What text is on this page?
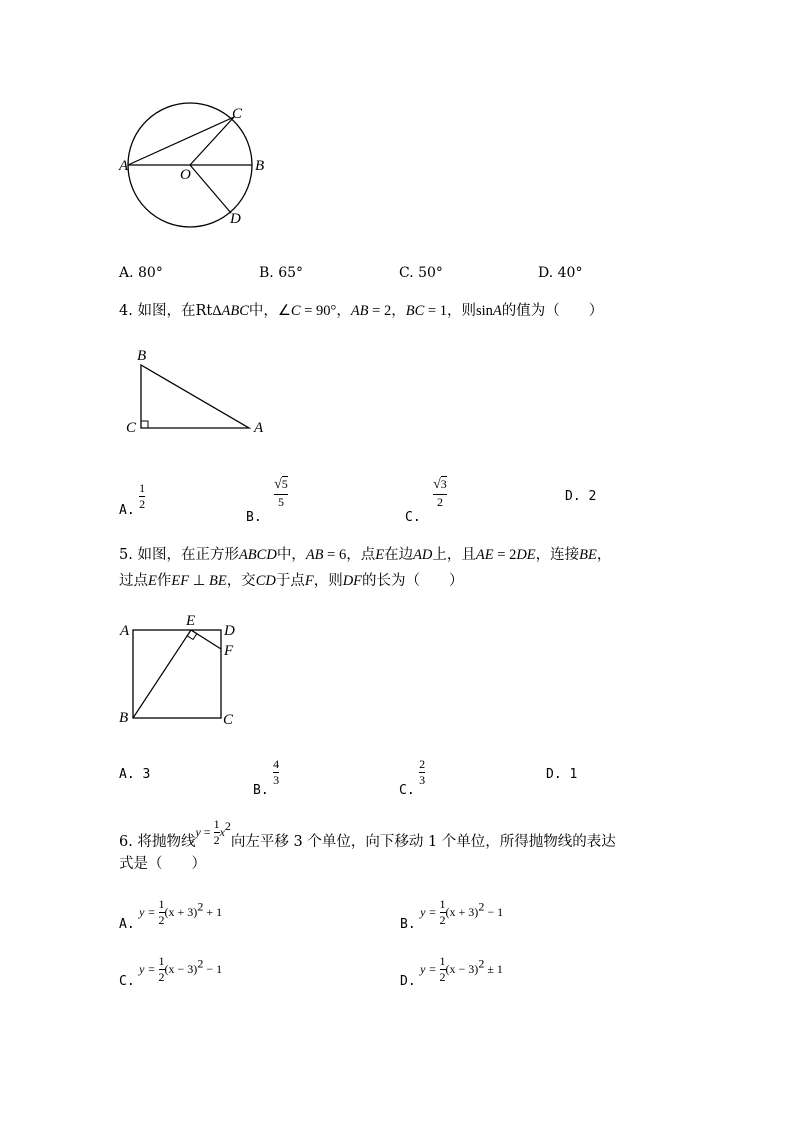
A	B
C
D
O
A. 80°	B. 65°	C. 50°	D. 40°
4. 如图，在RtΔABC中，∠C = 90°，AB = 2，BC = 1，则sinA的值为（　　）
B
C	A
A.
$\frac{1}{2}$
B.
$\frac{√5}{5}$
C.
$\frac{√3}{2}$	D. 2
5. 如图，在正方形ABCD中，AB = 6，点E在边AD上，且AE = 2DE，连接BE，
过点E作EF ⊥ BE，交CD于点F，则DF的长为（　　）
A
E
D
F
B	C
A. 3
B.
$\frac{4}{3}$
C.
$\frac{2}{3}$	D. 1
6. 将抛物线$y = \frac{1}{2} x^2$向左平移 3 个单位，向下移动 1 个单位，所得抛物线的表达
式是（　　）
A. $y = \frac{1}{2} (x + 3)^2 + 1$
B. $y = \frac{1}{2} (x + 3)^2 - 1$
C. $y = \frac{1}{2} (x - 3)^2 - 1$
D. $y = \frac{1}{2} (x - 3)^2 \pm 1$
